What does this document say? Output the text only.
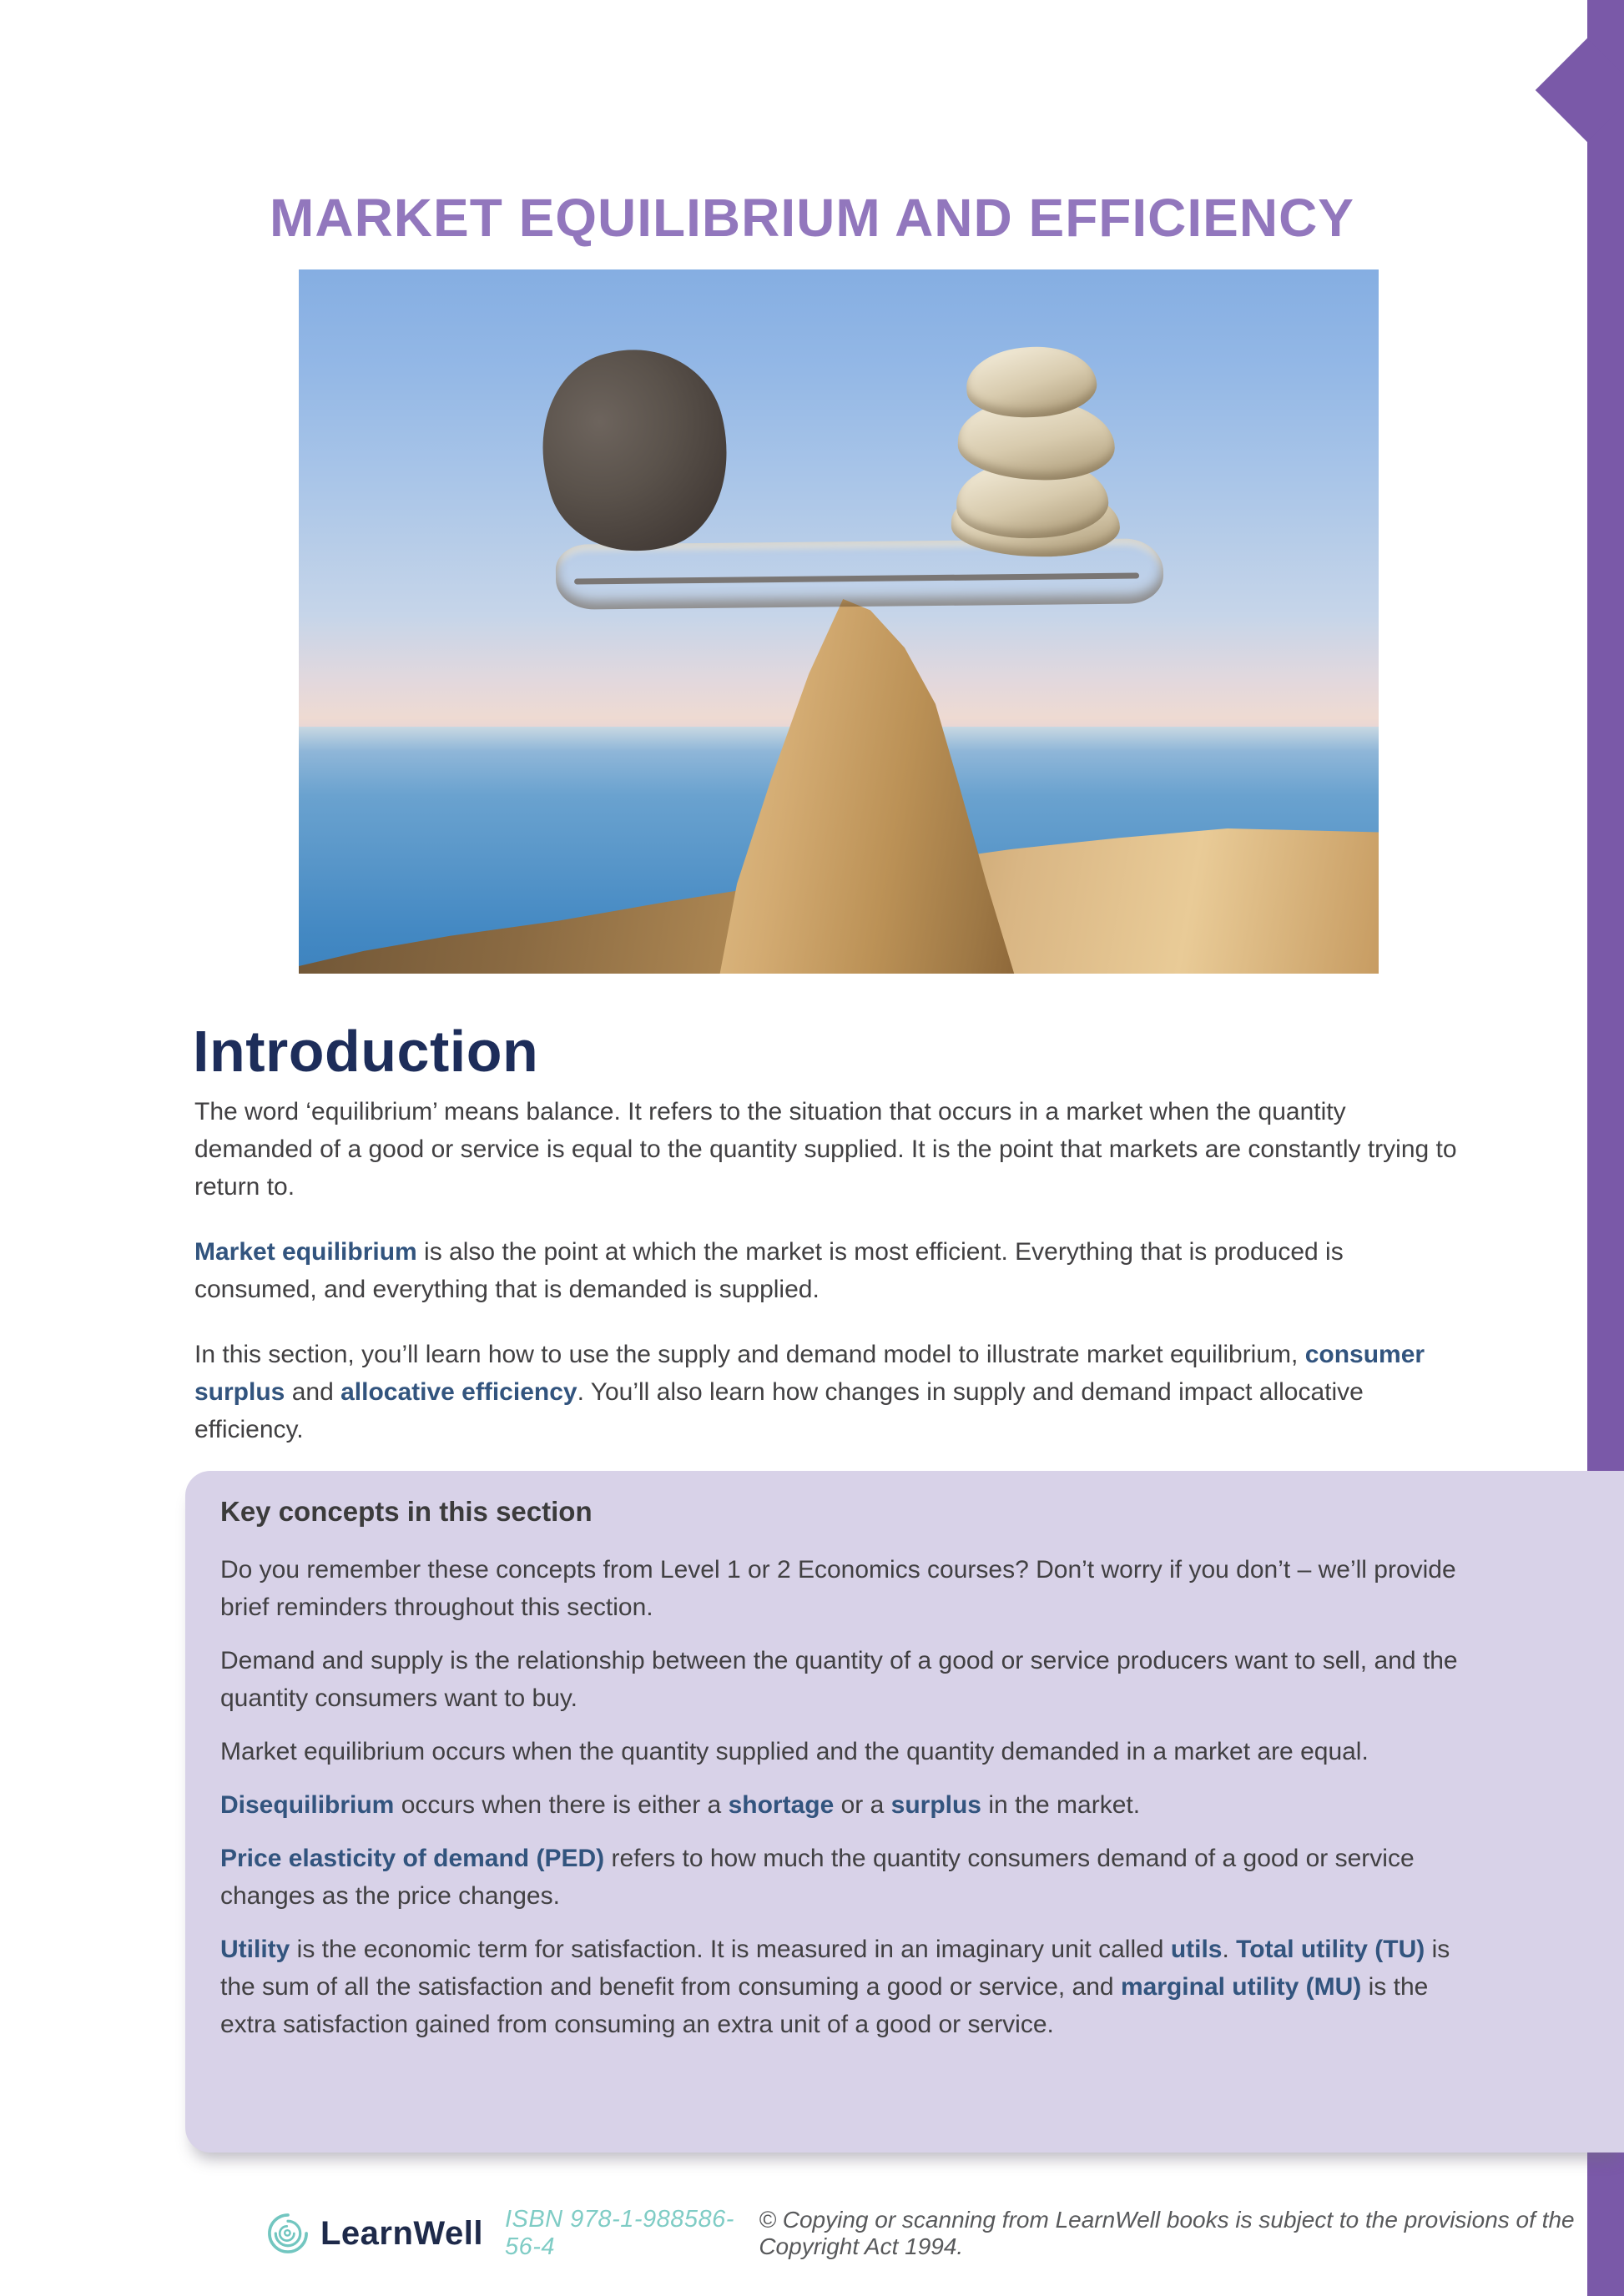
MARKET EQUILIBRIUM AND EFFICIENCY
Introduction

The word ‘equilibrium’ means balance. It refers to the situation that occurs in a market when the quantity demanded of a good or service is equal to the quantity supplied. It is the point that markets are constantly trying to return to.

Market equilibrium is also the point at which the market is most efficient. Everything that is produced is consumed, and everything that is demanded is supplied.

In this section, you’ll learn how to use the supply and demand model to illustrate market equilibrium, consumer surplus and allocative efficiency. You’ll also learn how changes in supply and demand impact allocative efficiency.

Key concepts in this section

Do you remember these concepts from Level 1 or 2 Economics courses? Don’t worry if you don’t – we’ll provide brief reminders throughout this section.

Demand and supply is the relationship between the quantity of a good or service producers want to sell, and the quantity consumers want to buy.

Market equilibrium occurs when the quantity supplied and the quantity demanded in a market are equal.

Disequilibrium occurs when there is either a shortage or a surplus in the market.

Price elasticity of demand (PED) refers to how much the quantity consumers demand of a good or service changes as the price changes.

Utility is the economic term for satisfaction. It is measured in an imaginary unit called utils. Total utility (TU) is the sum of all the satisfaction and benefit from consuming a good or service, and marginal utility (MU) is the extra satisfaction gained from consuming an extra unit of a good or service.

LearnWell ISBN 978-1-988586-56-4
© Copying or scanning from LearnWell books is subject to the provisions of the Copyright Act 1994.
